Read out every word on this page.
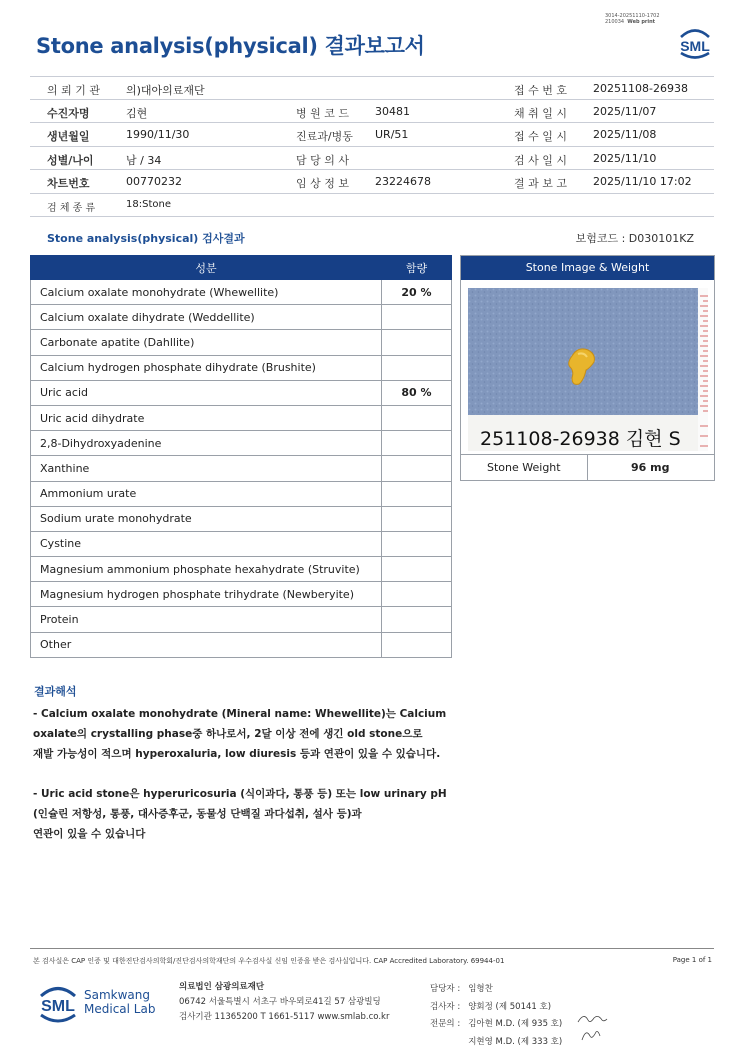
3014-20251110-1702
210034 Web print
Stone analysis(physical) 결과보고서	SML
의 뢰 기 관 의)대아의료재단	접 수 번 호 20251108-26938
수진자명	김현	병 원 코 드 30481	채 취 일 시 2025/11/07
생년월일	1990/11/30	진료과/병동 UR/51	접 수 일 시 2025/11/08
성별/나이	남 / 34	담 당 의 사	검 사 일 시 2025/11/10
차트번호	00770232	임 상 정 보 23224678	결 과 보 고 2025/11/10 17:02
검 체 종 류	18:Stone
Stone analysis(physical) 검사결과	보험코드 : D030101KZ
성분	함량
Calcium oxalate monohydrate (Whewellite)	20 %
Calcium oxalate dihydrate (Weddellite)	
Carbonate apatite (Dahllite)	
Calcium hydrogen phosphate dihydrate (Brushite)	
Uric acid	80 %
Uric acid dihydrate	
2,8-Dihydroxyadenine	
Xanthine	
Ammonium urate	
Sodium urate monohydrate	
Cystine	
Magnesium ammonium phosphate hexahydrate (Struvite)	
Magnesium hydrogen phosphate trihydrate (Newberyite)	
Protein	
Other	
Stone Image & Weight
251108-26938 김현 S
Stone Weight	96 mg
결과해석

- Calcium oxalate monohydrate (Mineral name: Whewellite)는 Calcium
oxalate의 crystalling phase중 하나로서, 2달 이상 전에 생긴 old stone으로
재발 가능성이 적으며 hyperoxaluria, low diuresis 등과 연관이 있을 수 있습니다.

- Uric acid stone은 hyperuricosuria (식이과다, 통풍 등) 또는 low urinary pH
(인슐린 저항성, 통풍, 대사증후군, 동물성 단백질 과다섭취, 설사 등)과
연관이 있을 수 있습니다

본 검사실은 CAP 인증 및 대한진단검사의학회/진단검사의학재단의 우수검사실 신임 인증을 받은 검사실입니다. CAP Accredited Laboratory. 69944-01	Page 1 of 1
SML
Samkwang
Medical Lab
의료법인 삼광의료재단
06742 서울특별시 서초구 바우뫼로41길 57 삼광빌딩
검사기관 11365200 T 1661-5117 www.smlab.co.kr
담당자 :	임형찬
검사자 :	양회정 (제 50141 호)
전문의 :	김아현 M.D. (제 935 호)
	지현영 M.D. (제 333 호)
